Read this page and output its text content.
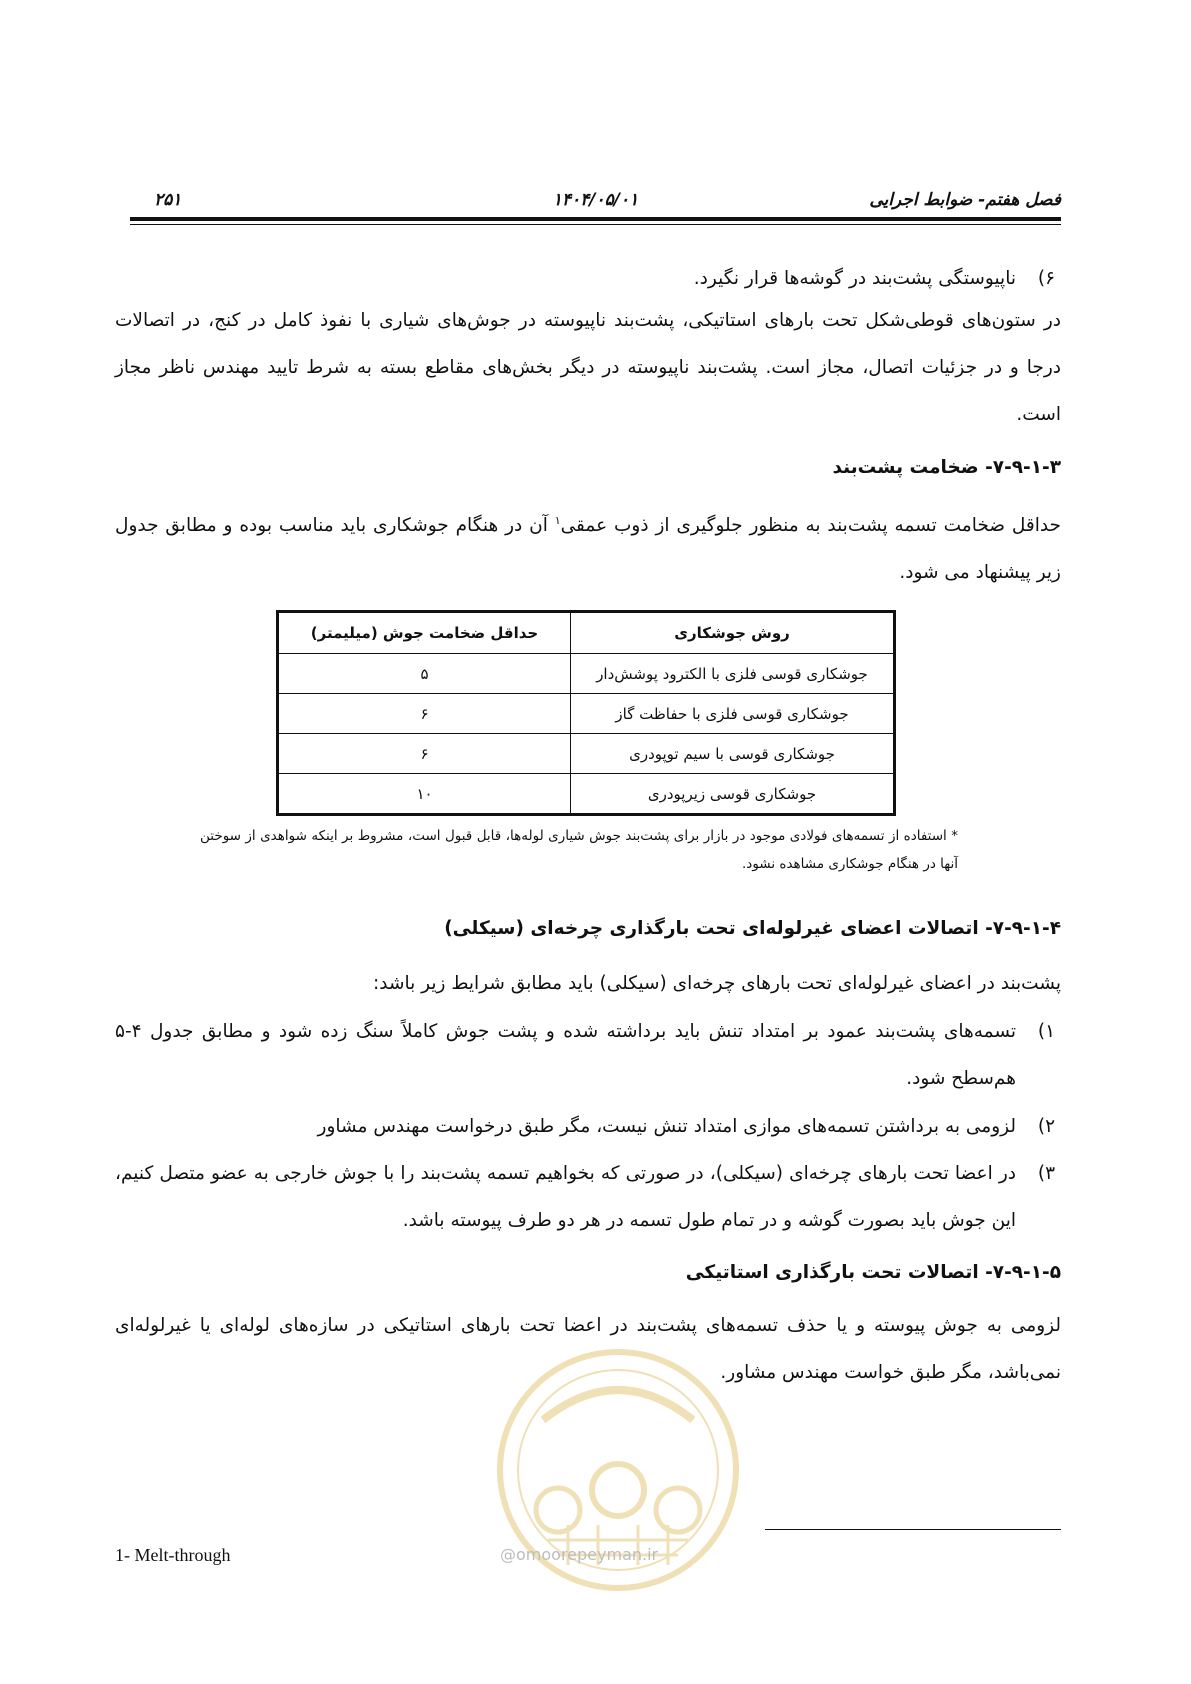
فصل هفتم- ضوابط اجرایی
۱۴۰۴/۰۵/۰۱
۲۵۱
۶)
ناپیوستگی پشت‌بند در گوشه‌ها قرار نگیرد.

در ستون‌های قوطی‌شکل تحت بارهای استاتیکی، پشت‌بند ناپیوسته در جوش‌های شیاری با نفوذ کامل در کنج، در اتصالات درجا و در جزئیات اتصال، مجاز است. پشت‌بند ناپیوسته در دیگر بخش‌های مقاطع بسته به شرط تایید مهندس ناظر مجاز است.

۷-۹-۱-۳- ضخامت پشت‌بند

حداقل ضخامت تسمه پشت‌بند به منظور جلوگیری از ذوب عمقی$^۱$ آن در هنگام جوشکاری باید مناسب بوده و مطابق جدول زیر پیشنهاد می شود.

روش جوشکاری	حداقل ضخامت جوش (میلیمتر)
جوشکاری قوسی فلزی با الکترود پوشش‌دار	۵
جوشکاری قوسی فلزی با حفاظت گاز	۶
جوشکاری قوسی با سیم توپودری	۶
جوشکاری قوسی زیرپودری	۱۰
* استفاده از تسمه‌های فولادی موجود در بازار برای پشت‌بند جوش شیاری لوله‌ها، قابل قبول است، مشروط بر اینکه شواهدی از سوختن آنها در هنگام جوشکاری مشاهده نشود.
۷-۹-۱-۴- اتصالات اعضای غیرلوله‌ای تحت بارگذاری چرخه‌ای (سیکلی)

پشت‌بند در اعضای غیرلوله‌ای تحت بارهای چرخه‌ای (سیکلی) باید مطابق شرایط زیر باشد:

۱)
تسمه‌های پشت‌بند عمود بر امتداد تنش باید برداشته شده و پشت جوش کاملاً سنگ زده شود و مطابق جدول ۴-۵ هم‌سطح شود.
۲)
لزومی به برداشتن تسمه‌های موازی امتداد تنش نیست، مگر طبق درخواست مهندس مشاور
۳)
در اعضا تحت بارهای چرخه‌ای (سیکلی)، در صورتی که بخواهیم تسمه پشت‌بند را با جوش خارجی به عضو متصل کنیم، این جوش باید بصورت گوشه و در تمام طول تسمه در هر دو طرف پیوسته باشد.
۷-۹-۱-۵- اتصالات تحت بارگذاری استاتیکی

لزومی به جوش پیوسته و یا حذف تسمه‌های پشت‌بند در اعضا تحت بارهای استاتیکی در سازه‌های لوله‌ای یا غیرلوله‌ای نمی‌باشد، مگر طبق خواست مهندس مشاور.

@omoorepeyman.ir
1- Melt-through
